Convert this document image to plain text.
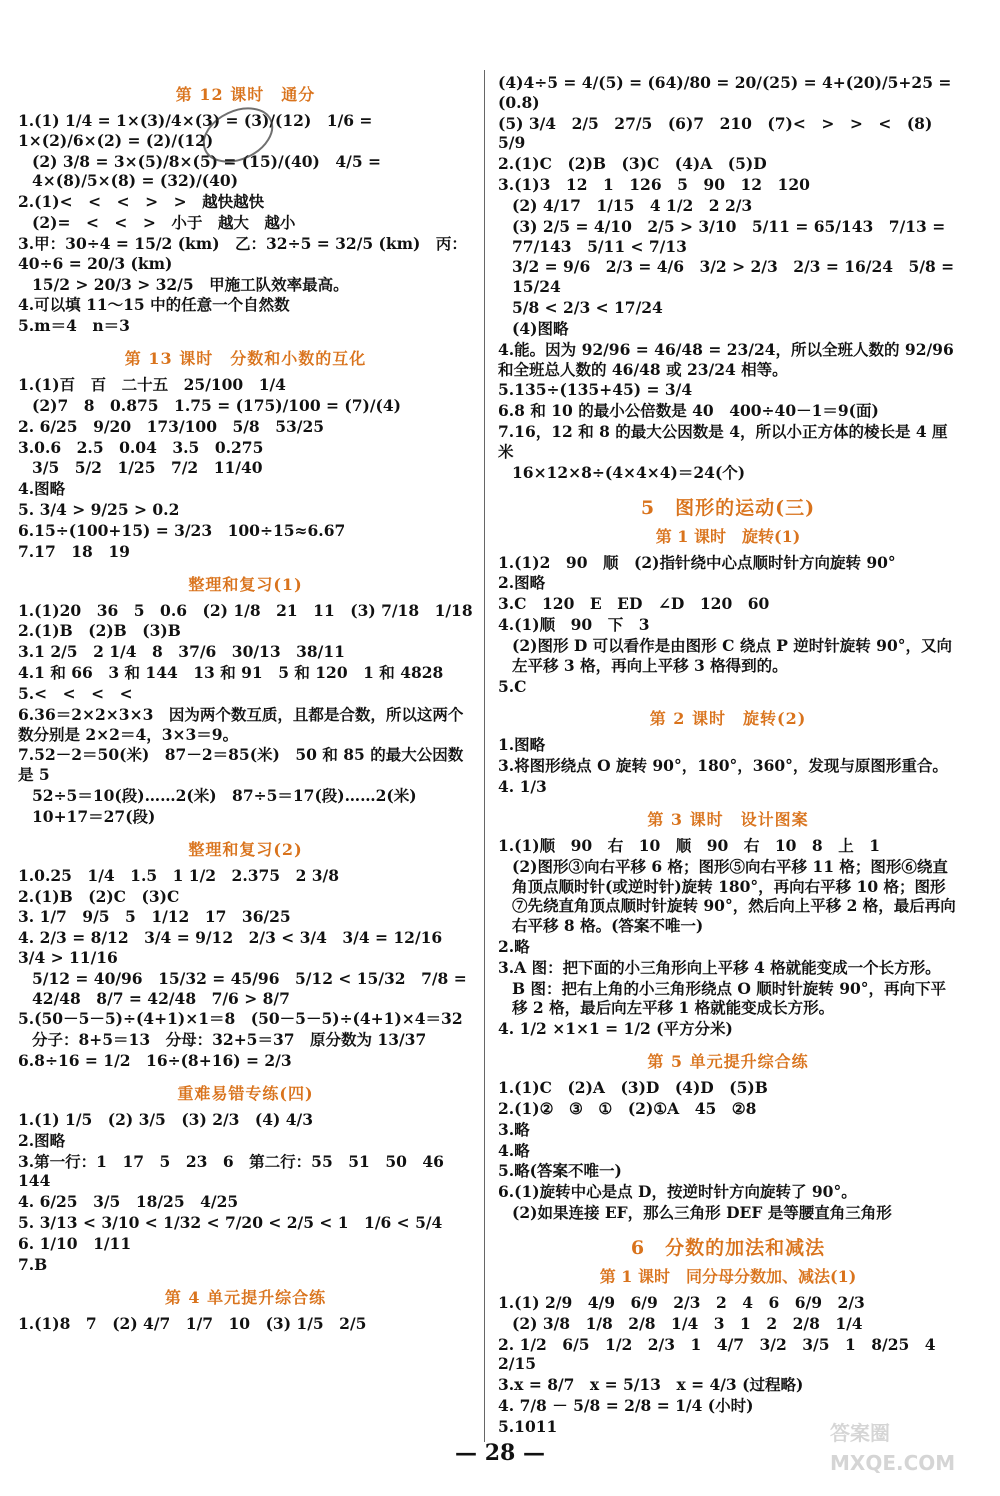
第 12 课时　通分
1.(1) 1/4 = 1×(3)/4×(3) = (3)/(12)　1/6 = 1×(2)/6×(2) = (2)/(12)
(2) 3/8 = 3×(5)/8×(5) = (15)/(40)　4/5 = 4×(8)/5×(8) = (32)/(40)
2.(1)<　<　<　>　>　越快越快
(2)=　<　<　>　小于　越大　越小
3.甲：30÷4 = 15/2 (km)　乙：32÷5 = 32/5 (km)　丙：40÷6 = 20/3 (km)
15/2 > 20/3 > 32/5　甲施工队效率最高。
4.可以填 11～15 中的任意一个自然数
5.m＝4　n＝3
第 13 课时　分数和小数的互化
1.(1)百　百　二十五　25/100　1/4
(2)7　8　0.875　1.75 = (175)/100 = (7)/(4)
2. 6/25　9/20　173/100　5/8　53/25
3.0.6　2.5　0.04　3.5　0.275
3/5　5/2　1/25　7/2　11/40
4.图略
5. 3/4 > 9/25 > 0.2
6.15÷(100+15) = 3/23　100÷15≈6.67
7.17　18　19
整理和复习(1)
1.(1)20　36　5　0.6　(2) 1/8　21　11　(3) 7/18　1/18
2.(1)B　(2)B　(3)B
3.1 2/5　2 1/4　8　37/6　30/13　38/11
4.1 和 66　3 和 144　13 和 91　5 和 120　1 和 4828
5.<　<　<　<
6.36＝2×2×3×3　因为两个数互质，且都是合数，所以这两个数分别是 2×2＝4，3×3＝9。
7.52－2＝50(米)　87－2＝85(米)　50 和 85 的最大公因数是 5
52÷5＝10(段)……2(米)　87÷5＝17(段)……2(米)
10+17＝27(段)
整理和复习(2)
1.0.25　1/4　1.5　1 1/2　2.375　2 3/8
2.(1)B　(2)C　(3)C
3. 1/7　9/5　5　1/12　17　36/25
4. 2/3 = 8/12　3/4 = 9/12　2/3 < 3/4　3/4 = 12/16　3/4 > 11/16
5/12 = 40/96　15/32 = 45/96　5/12 < 15/32　7/8 = 42/48　8/7 = 42/48　7/6 > 8/7
5.(50－5－5)÷(4+1)×1＝8　(50－5－5)÷(4+1)×4＝32
分子：8+5＝13　分母：32+5＝37　原分数为 13/37
6.8÷16 = 1/2　16÷(8+16) = 2/3
重难易错专练(四)
1.(1) 1/5　(2) 3/5　(3) 2/3　(4) 4/3
2.图略
3.第一行：1　17　5　23　6　第二行：55　51　50　46　144
4. 6/25　3/5　18/25　4/25
5. 3/13 < 3/10 < 1/32 < 7/20 < 2/5 < 1　1/6 < 5/4
6. 1/10　1/11
7.B
第 4 单元提升综合练
1.(1)8　7　(2) 4/7　1/7　10　(3) 1/5　2/5
(4)4÷5 = 4/(5) = (64)/80 = 20/(25) = 4+(20)/5+25 = (0.8)
(5) 3/4　2/5　27/5　(6)7　210　(7)<　>　>　<　(8) 5/9
2.(1)C　(2)B　(3)C　(4)A　(5)D
3.(1)3　12　1　126　5　90　12　120
(2) 4/17　1/15　4 1/2　2 2/3
(3) 2/5 = 4/10　2/5 > 3/10　5/11 = 65/143　7/13 = 77/143　5/11 < 7/13
3/2 = 9/6　2/3 = 4/6　3/2 > 2/3　2/3 = 16/24　5/8 = 15/24
5/8 < 2/3 < 17/24
(4)图略
4.能。因为 92/96 = 46/48 = 23/24，所以全班人数的 92/96 和全班总人数的 46/48 或 23/24 相等。
5.135÷(135+45) = 3/4
6.8 和 10 的最小公倍数是 40　400÷40－1＝9(面)
7.16，12 和 8 的最大公因数是 4，所以小正方体的棱长是 4 厘米
16×12×8÷(4×4×4)＝24(个)
5　图形的运动(三)
第 1 课时　旋转(1)
1.(1)2　90　顺　(2)指针绕中心点顺时针方向旋转 90°
2.图略
3.C　120　E　ED　∠D　120　60
4.(1)顺　90　下　3
(2)图形 D 可以看作是由图形 C 绕点 P 逆时针旋转 90°，又向左平移 3 格，再向上平移 3 格得到的。
5.C
第 2 课时　旋转(2)
1.图略
3.将图形绕点 O 旋转 90°，180°，360°，发现与原图形重合。
4. 1/3
第 3 课时　设计图案
1.(1)顺　90　右　10　顺　90　右　10　8　上　1
(2)图形③向右平移 6 格；图形⑤向右平移 11 格；图形⑥绕直角顶点顺时针(或逆时针)旋转 180°，再向右平移 10 格；图形⑦先绕直角顶点顺时针旋转 90°，然后向上平移 2 格，最后再向右平移 8 格。(答案不唯一)
2.略
3.A 图：把下面的小三角形向上平移 4 格就能变成一个长方形。
B 图：把右上角的小三角形绕点 O 顺时针旋转 90°，再向下平移 2 格，最后向左平移 1 格就能变成长方形。
4. 1/2 ×1×1 = 1/2 (平方分米)
第 5 单元提升综合练
1.(1)C　(2)A　(3)D　(4)D　(5)B
2.(1)②　③　①　(2)①A　45　②8
3.略
4.略
5.略(答案不唯一)
6.(1)旋转中心是点 D，按逆时针方向旋转了 90°。
(2)如果连接 EF，那么三角形 DEF 是等腰直角三角形
6　分数的加法和减法
第 1 课时　同分母分数加、减法(1)
1.(1) 2/9　4/9　6/9　2/3　2　4　6　6/9　2/3
(2) 3/8　1/8　2/8　1/4　3　1　2　2/8　1/4
2. 1/2　6/5　1/2　2/3　1　4/7　3/2　3/5　1　8/25　4　2/15
3.x = 8/7　x = 5/13　x = 4/3 (过程略)
4. 7/8 － 5/8 = 2/8 = 1/4 (小时)
5.1011
— 28 —
答案圈
MXQE.COM
